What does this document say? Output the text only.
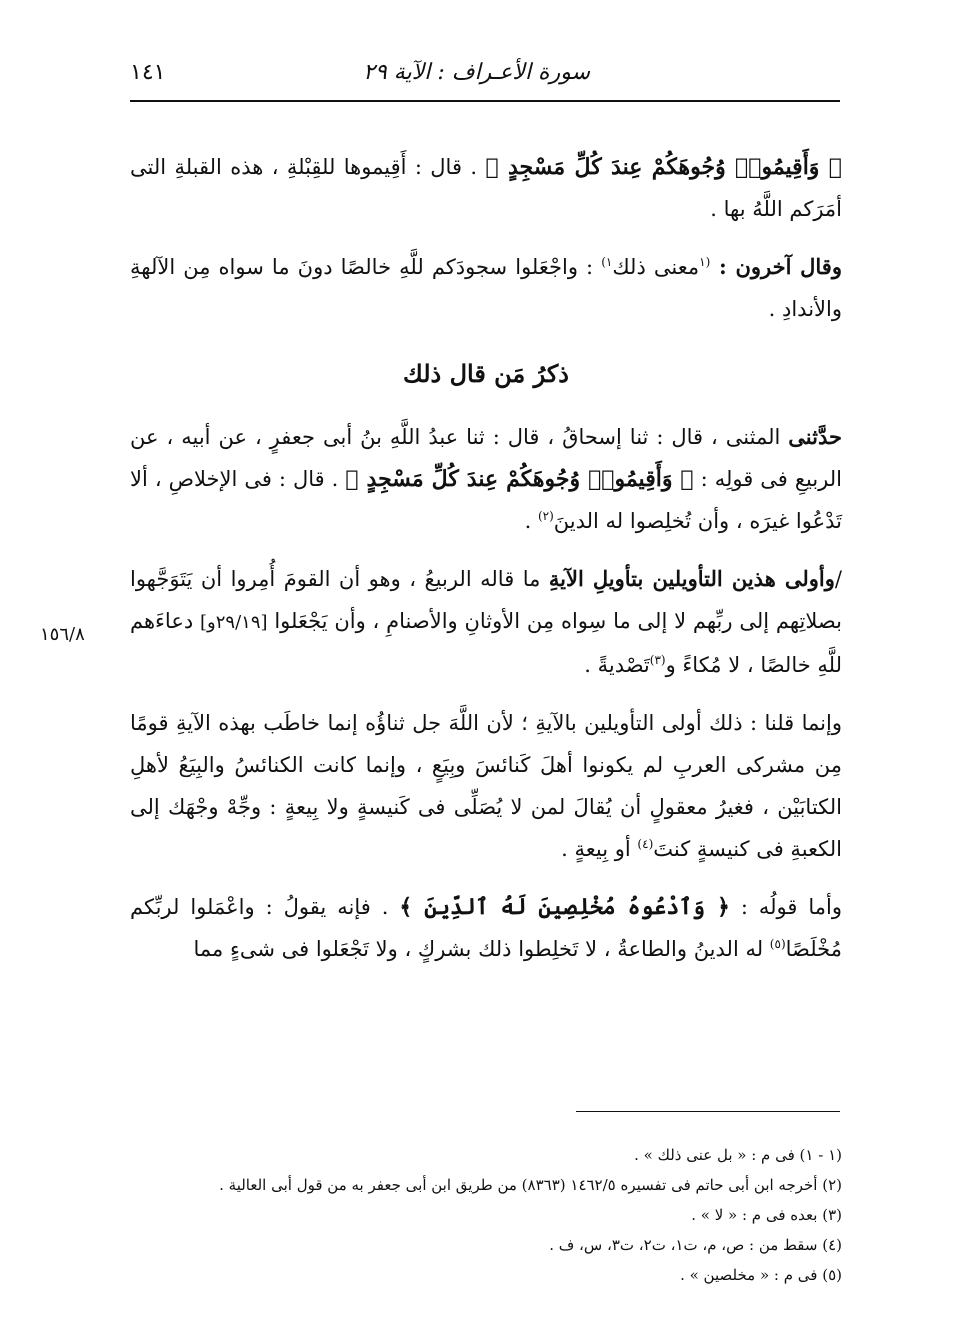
سورة الأعـراف : الآية ٢٩
١٤١

﴿ وَأَقِيمُوا۟ وُجُوهَكُمْ عِندَ كُلِّ مَسْجِدٍ ﴾ . قال : أَقِيموها للقِبْلةِ ، هذه القبلةِ التى أمَرَكم اللَّهُ بها .

وقال آخرون : $^{(١}$معنى ذلك$^{١)}$ : واجْعَلوا سجودَكم للَّهِ خالصًا دونَ ما سواه مِن الآلهةِ والأندادِ .

ذكرُ مَن قال ذلك

حدَّثنى المثنى ، قال : ثنا إسحاقُ ، قال : ثنا عبدُ اللَّهِ بنُ أبى جعفرٍ ، عن أبيه ، عن الربيعِ فى قولِه : ﴿ وَأَقِيمُوا۟ وُجُوهَكُمْ عِندَ كُلِّ مَسْجِدٍ ﴾ . قال : فى الإخلاصِ ، ألا تَدْعُوا غيرَه ، وأن تُخلِصوا له الدينَ$^{(٢)}$ .

/وأولى هذين التأويلين بتأويلِ الآيةِ ما قاله الربيعُ ، وهو أن القومَ أُمِروا أن يَتَوَجَّهوا بصلاتِهم إلى ربِّهم لا إلى ما سِواه مِن الأوثانِ والأصنامِ ، وأن يَجْعَلوا [٢٩/١٩و] دعاءَهم للَّهِ خالصًا ، لا مُكاءً و$^{(٣)}$تَصْديةً .

وإنما قلنا : ذلك أولى التأويلين بالآيةِ ؛ لأن اللَّهَ جل ثناؤُه إنما خاطَب بهذه الآيةِ قومًا مِن مشركى العربِ لم يكونوا أهلَ كَنائسَ وبِيَعٍ ، وإنما كانت الكنائسُ والبِيَعُ لأهلِ الكتابَيْن ، فغيرُ معقولٍ أن يُقالَ لمن لا يُصَلِّى فى كَنيسةٍ ولا بِيعةٍ : وجِّهْ وجْهَك إلى الكعبةِ فى كنيسةٍ كنتَ$^{(٤)}$ أو بِيعةٍ .

وأما قولُه : ﴿ وَٱدْعُوهُ مُخْلِصِينَ لَهُ ٱلدِّينَ ﴾ . فإنه يقولُ : واعْمَلوا لربِّكم مُخْلَصًا$^{(٥)}$ له الدينُ والطاعةُ ، لا تَخلِطوا ذلك بشركٍ ، ولا تَجْعَلوا فى شىءٍ مما

١٥٦/٨
(١ - ١) فى م : « بل عنى ذلك » .
(٢) أخرجه ابن أبى حاتم فى تفسيره ١٤٦٢/٥ (٨٣٦٣) من طريق ابن أبى جعفر به من قول أبى العالية .
(٣) بعده فى م : « لا » .
(٤) سقط من : ص، م، ت١، ت٢، ت٣، س، ف .
(٥) فى م : « مخلصين » .
